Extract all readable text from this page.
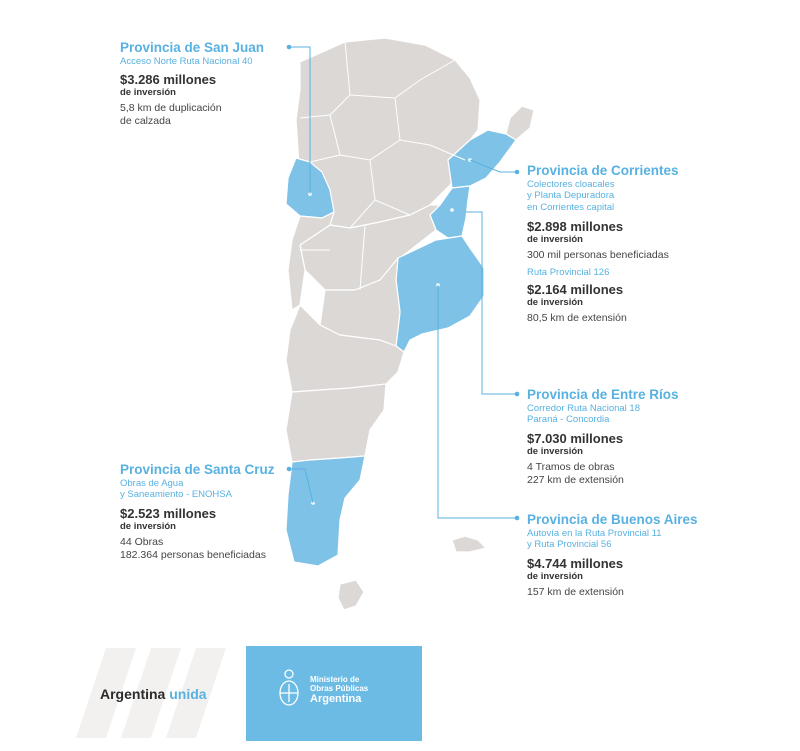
Provincia de San Juan
Acceso Norte Ruta Nacional 40
$3.286 millones
de inversión
5,8 km de duplicación
de calzada
Provincia de Corrientes
Colectores cloacales
y Planta Depuradora
en Corrientes capital
$2.898 millones
de inversión
300 mil personas beneficiadas
Ruta Provincial 126
$2.164 millones
de inversión
80,5 km de extensión
Provincia de Entre Ríos
Corredor Ruta Nacional 18
Paraná - Concordia
$7.030 millones
de inversión
4 Tramos de obras
227 km de extensión
Provincia de Santa Cruz
Obras de Agua
y Saneamiento - ENOHSA
$2.523 millones
de inversión
44 Obras
182.364 personas beneficiadas
Provincia de Buenos Aires
Autovía en la Ruta Provincial 11
y Ruta Provincial 56
$4.744 millones
de inversión
157 km de extensión
Argentina unida
Ministerio de
Obras Públicas
Argentina
